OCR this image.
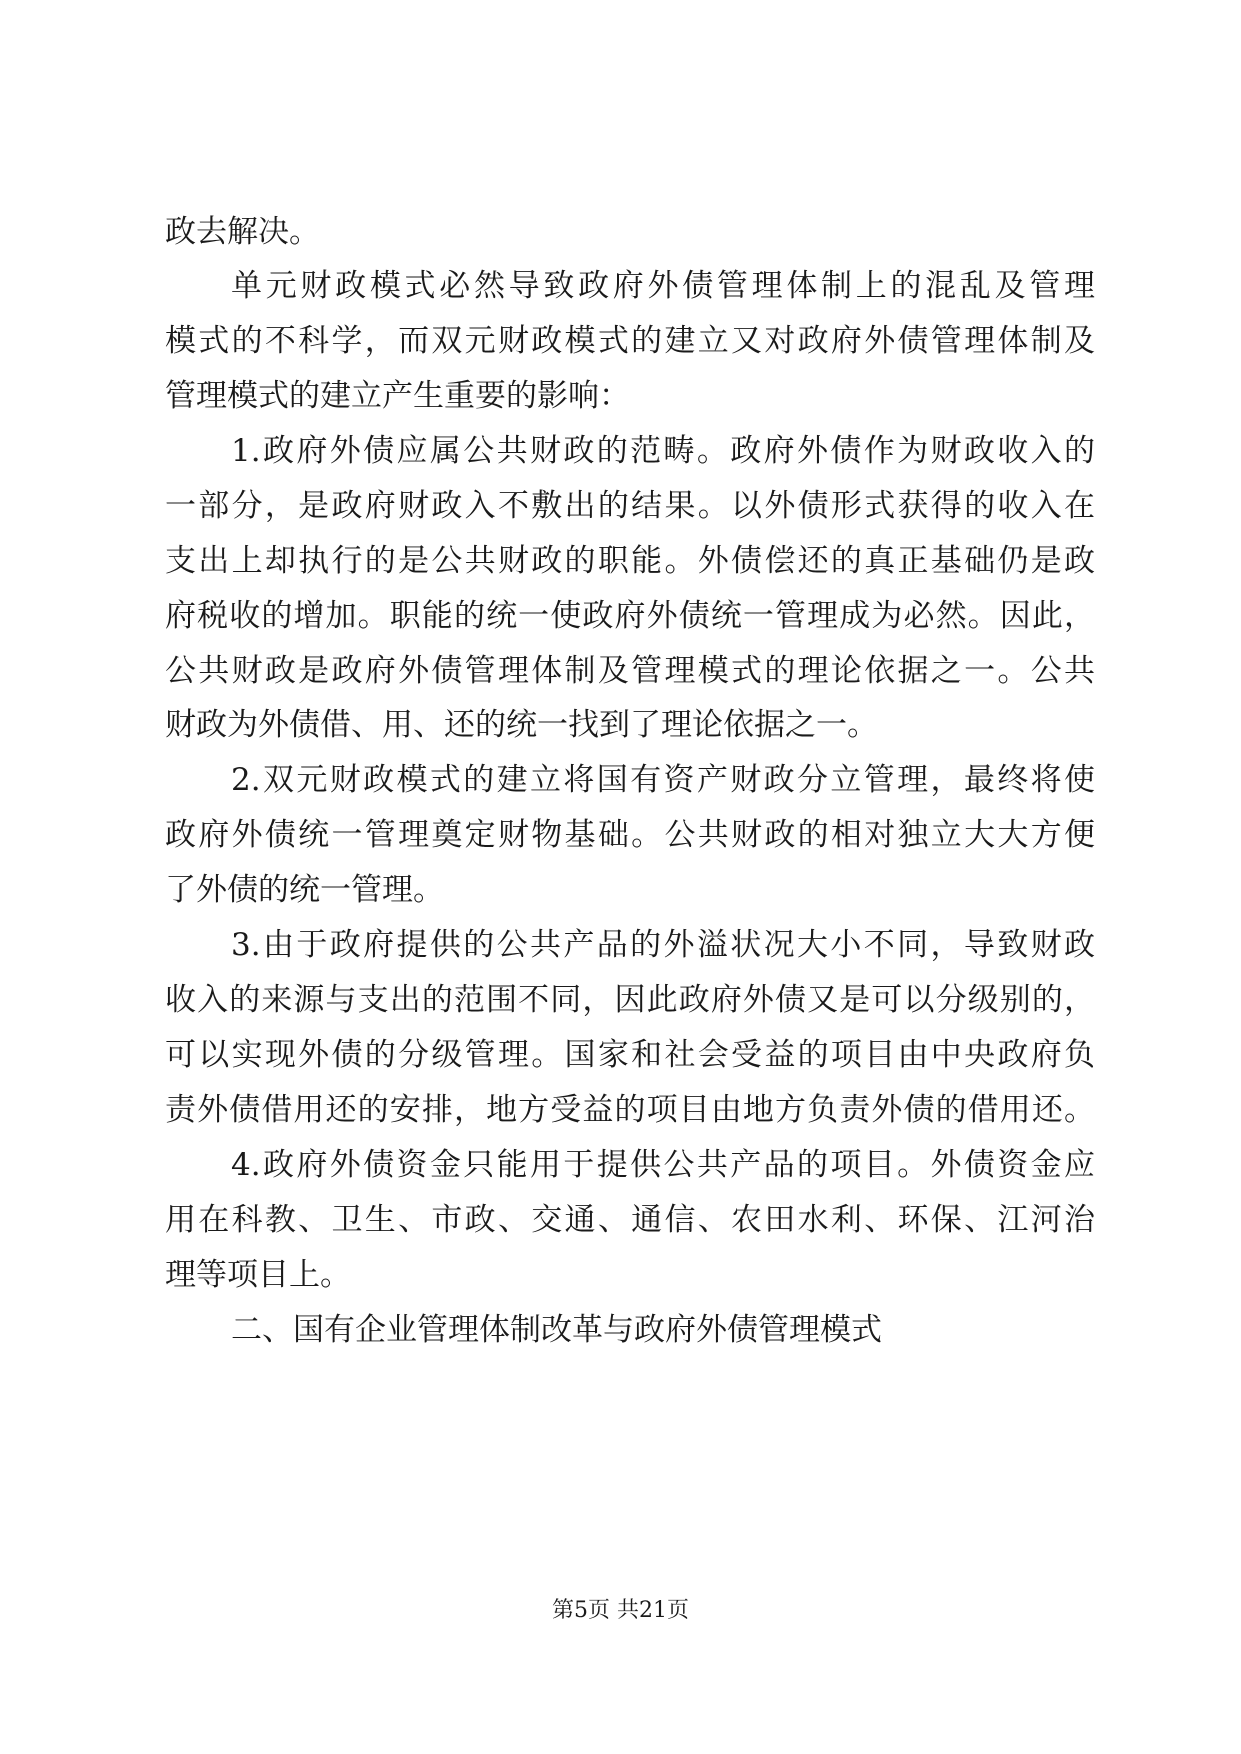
政去解决。
单元财政模式必然导致政府外债管理体制上的混乱及管理
模式的不科学，而双元财政模式的建立又对政府外债管理体制及
管理模式的建立产生重要的影响：
1.政府外债应属公共财政的范畴。政府外债作为财政收入的
一部分，是政府财政入不敷出的结果。以外债形式获得的收入在
支出上却执行的是公共财政的职能。外债偿还的真正基础仍是政
府税收的增加。职能的统一使政府外债统一管理成为必然。因此，
公共财政是政府外债管理体制及管理模式的理论依据之一。公共
财政为外债借、用、还的统一找到了理论依据之一。
2.双元财政模式的建立将国有资产财政分立管理，最终将使
政府外债统一管理奠定财物基础。公共财政的相对独立大大方便
了外债的统一管理。
3.由于政府提供的公共产品的外溢状况大小不同，导致财政
收入的来源与支出的范围不同，因此政府外债又是可以分级别的，
可以实现外债的分级管理。国家和社会受益的项目由中央政府负
责外债借用还的安排，地方受益的项目由地方负责外债的借用还。
4.政府外债资金只能用于提供公共产品的项目。外债资金应
用在科教、卫生、市政、交通、通信、农田水利、环保、江河治
理等项目上。
二、国有企业管理体制改革与政府外债管理模式
第5页 共21页
